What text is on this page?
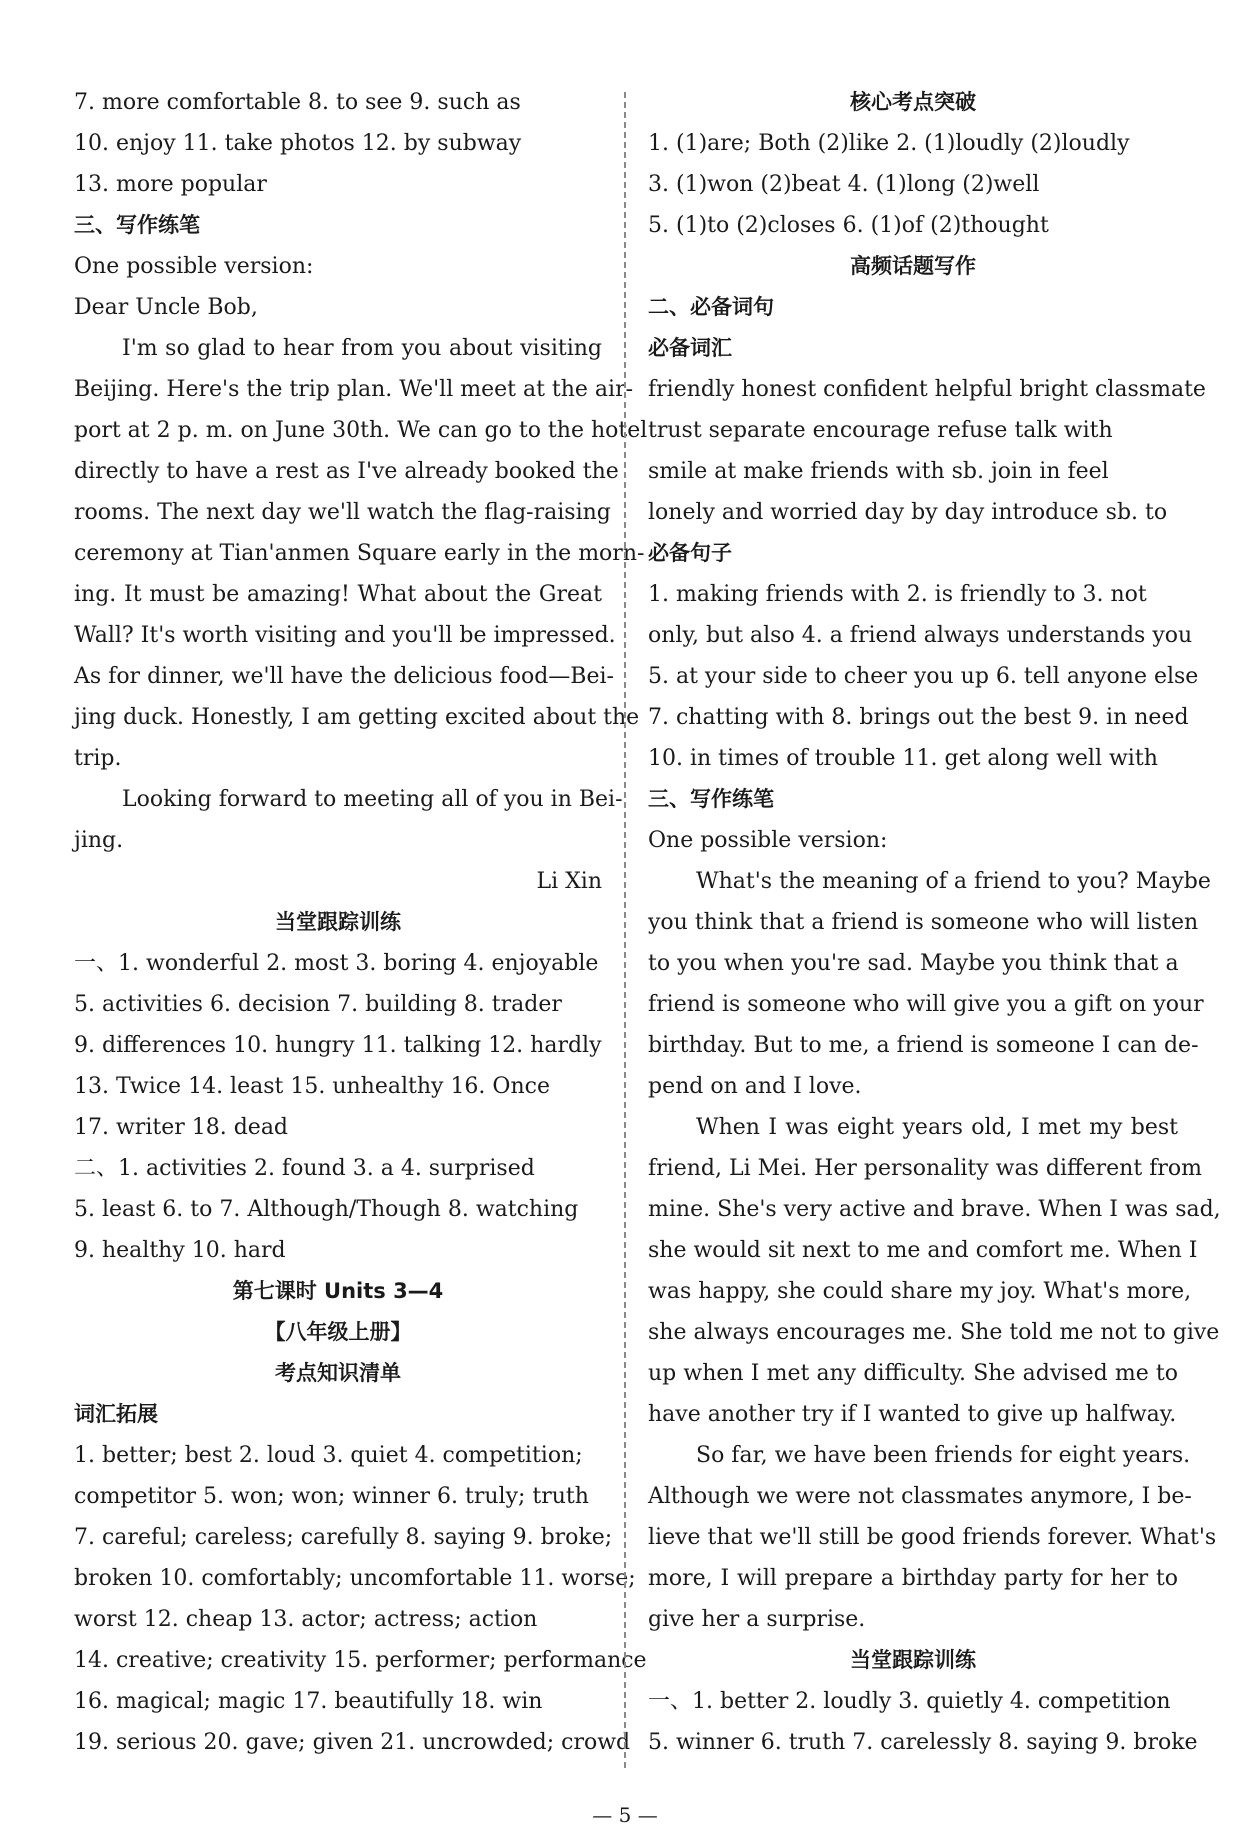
7. more comfortable 8. to see 9. such as
10. enjoy 11. take photos 12. by subway
13. more popular
三、写作练笔
One possible version:
Dear Uncle Bob,
I'm so glad to hear from you about visiting
Beijing. Here's the trip plan. We'll meet at the air-
port at 2 p. m. on June 30th. We can go to the hotel
directly to have a rest as I've already booked the
rooms. The next day we'll watch the flag-raising
ceremony at Tian'anmen Square early in the morn-
ing. It must be amazing! What about the Great
Wall? It's worth visiting and you'll be impressed.
As for dinner, we'll have the delicious food—Bei-
jing duck. Honestly, I am getting excited about the
trip.
Looking forward to meeting all of you in Bei-
jing.
Li Xin
当堂跟踪训练
一、1. wonderful 2. most 3. boring 4. enjoyable
5. activities 6. decision 7. building 8. trader
9. differences 10. hungry 11. talking 12. hardly
13. Twice 14. least 15. unhealthy 16. Once
17. writer 18. dead
二、1. activities 2. found 3. a 4. surprised
5. least 6. to 7. Although/Though 8. watching
9. healthy 10. hard
第七课时 Units 3—4
【八年级上册】
考点知识清单
词汇拓展
1. better; best 2. loud 3. quiet 4. competition;
competitor 5. won; won; winner 6. truly; truth
7. careful; careless; carefully 8. saying 9. broke;
broken 10. comfortably; uncomfortable 11. worse;
worst 12. cheap 13. actor; actress; action
14. creative; creativity 15. performer; performance
16. magical; magic 17. beautifully 18. win
19. serious 20. gave; given 21. uncrowded; crowd
核心考点突破
1. (1)are; Both (2)like 2. (1)loudly (2)loudly
3. (1)won (2)beat 4. (1)long (2)well
5. (1)to (2)closes 6. (1)of (2)thought
高频话题写作
二、必备词句
必备词汇
friendly honest confident helpful bright classmate
trust separate encourage refuse talk with
smile at make friends with sb. join in feel
lonely and worried day by day introduce sb. to
必备句子
1. making friends with 2. is friendly to 3. not
only, but also 4. a friend always understands you
5. at your side to cheer you up 6. tell anyone else
7. chatting with 8. brings out the best 9. in need
10. in times of trouble 11. get along well with
三、写作练笔
One possible version:
What's the meaning of a friend to you? Maybe
you think that a friend is someone who will listen
to you when you're sad. Maybe you think that a
friend is someone who will give you a gift on your
birthday. But to me, a friend is someone I can de-
pend on and I love.
When I was eight years old, I met my best
friend, Li Mei. Her personality was different from
mine. She's very active and brave. When I was sad,
she would sit next to me and comfort me. When I
was happy, she could share my joy. What's more,
she always encourages me. She told me not to give
up when I met any difficulty. She advised me to
have another try if I wanted to give up halfway.
So far, we have been friends for eight years.
Although we were not classmates anymore, I be-
lieve that we'll still be good friends forever. What's
more, I will prepare a birthday party for her to
give her a surprise.
当堂跟踪训练
一、1. better 2. loudly 3. quietly 4. competition
5. winner 6. truth 7. carelessly 8. saying 9. broke
— 5 —
